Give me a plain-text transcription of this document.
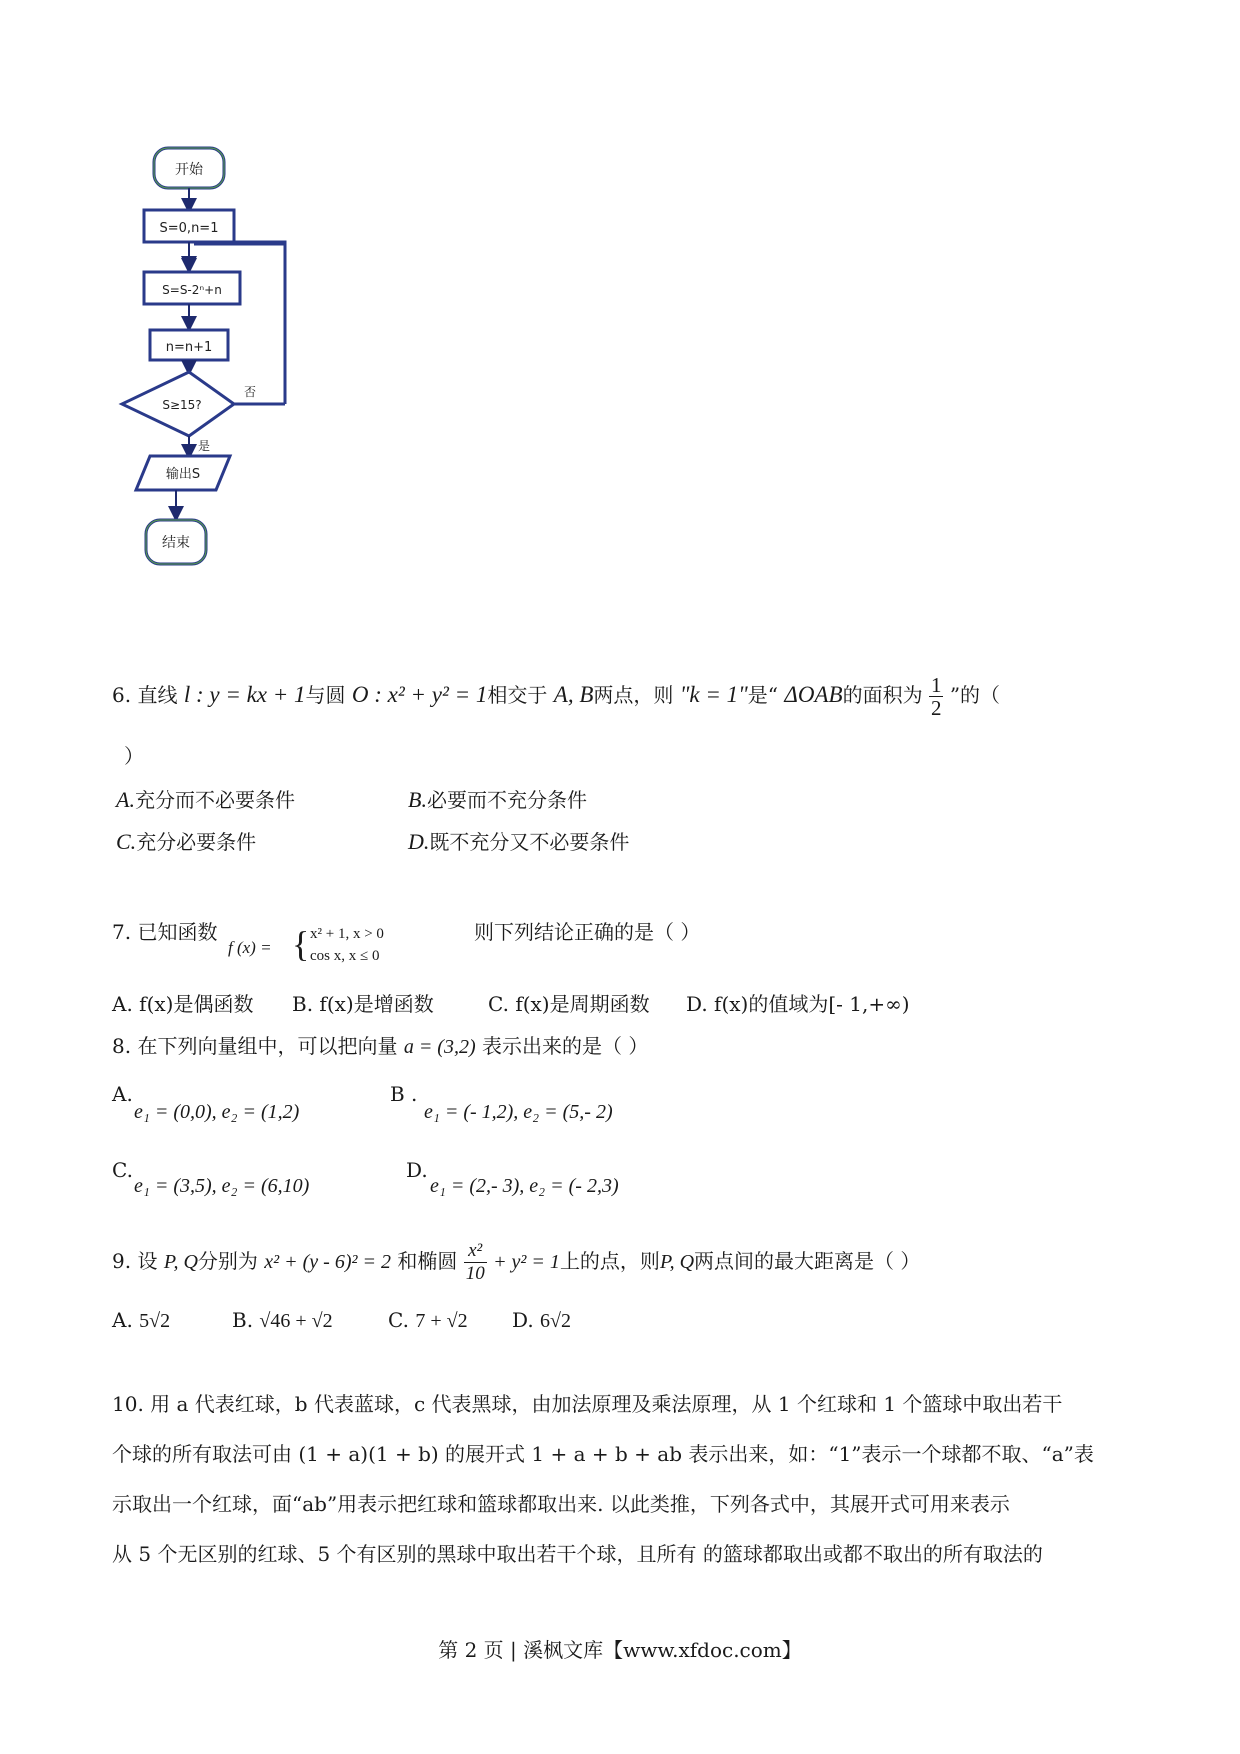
开始
S=0,n=1
S=S-2ⁿ+n
n=n+1
S≥15?
否
是
输出S
结束
6. 直线 l : y = kx + 1与圆 O : x² + y² = 1相交于 A, B两点，则 "k = 1"是“ ΔOAB的面积为 $\frac{1}{2}$ ”的（
）
A.充分而不必要条件	B.必要而不充分条件
C.充分必要条件	D.既不充分又不必要条件
7. 已知函数
f (x) = { x² + 1, x > 0
cos x, x ≤ 0
则下列结论正确的是（ ）
A. f(x)是偶函数 B. f(x)是增函数	C. f(x)是周期函数 D. f(x)的值域为[- 1,+∞)
8. 在下列向量组中，可以把向量 a = (3,2) 表示出来的是（ ）
A.
e₁ = (0,0), e₂ = (1,2)
B .
e₁ = (- 1,2), e₂ = (5,- 2)
C.
e₁ = (3,5), e₂ = (6,10)
D.
e₁ = (2,- 3), e₂ = (- 2,3)
9. 设 P, Q分别为 x² + (y - 6)² = 2 和椭圆 $\frac{\text{x²}}{10} + y^2 = 1$上的点，则P, Q两点间的最大距离是（ ）
A. 5√2	B. √46 + √2	C. 7 + √2 D. 6√2
10. 用 a 代表红球，b 代表蓝球，c 代表黑球，由加法原理及乘法原理，从 1 个红球和 1 个篮球中取出若干
个球的所有取法可由 (1 + a)(1 + b) 的展开式 1 + a + b + ab 表示出来，如：“1”表示一个球都不取、“a”表
示取出一个红球，面“ab”用表示把红球和篮球都取出来. 以此类推，下列各式中，其展开式可用来表示
从 5 个无区别的红球、5 个有区别的黑球中取出若干个球，且所有 的篮球都取出或都不取出的所有取法的
第 2 页 | 溪枫文库【www.xfdoc.com】
